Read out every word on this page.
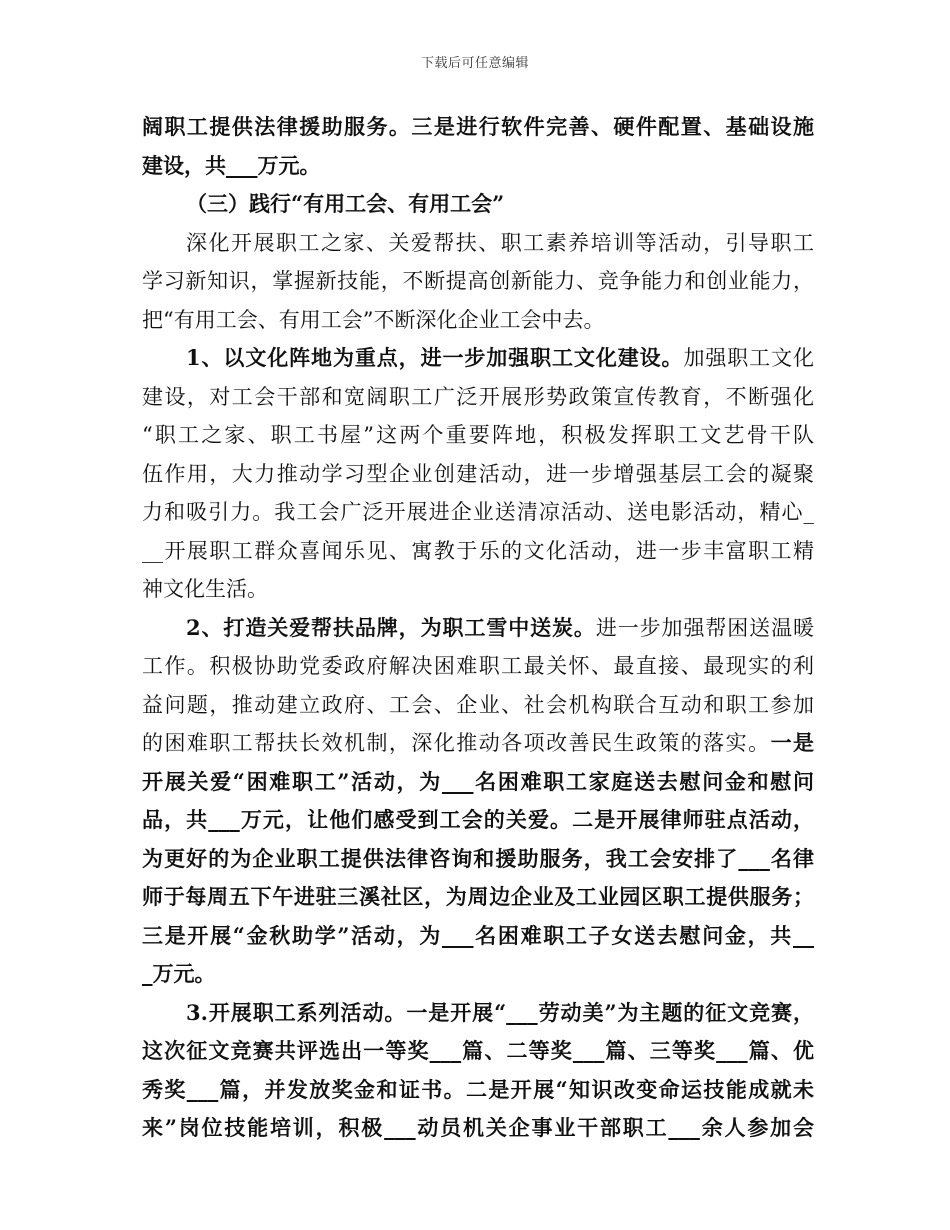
下载后可任意编辑
阔职工提供法律援助服务。三是进行软件完善、硬件配置、基础设施
建设，共___万元。
（三）践行“有用工会、有用工会”
深化开展职工之家、关爱帮扶、职工素养培训等活动，引导职工
学习新知识，掌握新技能，不断提高创新能力、竞争能力和创业能力，
把“有用工会、有用工会”不断深化企业工会中去。
1、以文化阵地为重点，进一步加强职工文化建设。加强职工文化
建设，对工会干部和宽阔职工广泛开展形势政策宣传教育，不断强化
“职工之家、职工书屋”这两个重要阵地，积极发挥职工文艺骨干队
伍作用，大力推动学习型企业创建活动，进一步增强基层工会的凝聚
力和吸引力。我工会广泛开展进企业送清凉活动、送电影活动，精心_
__开展职工群众喜闻乐见、寓教于乐的文化活动，进一步丰富职工精
神文化生活。
2、打造关爱帮扶品牌，为职工雪中送炭。进一步加强帮困送温暖
工作。积极协助党委政府解决困难职工最关怀、最直接、最现实的利
益问题，推动建立政府、工会、企业、社会机构联合互动和职工参加
的困难职工帮扶长效机制，深化推动各项改善民生政策的落实。一是
开展关爱“困难职工”活动，为___名困难职工家庭送去慰问金和慰问
品，共___万元，让他们感受到工会的关爱。二是开展律师驻点活动，
为更好的为企业职工提供法律咨询和援助服务，我工会安排了___名律
师于每周五下午进驻三溪社区，为周边企业及工业园区职工提供服务；
三是开展“金秋助学”活动，为___名困难职工子女送去慰问金，共__
_万元。
3.开展职工系列活动。一是开展“___劳动美”为主题的征文竞赛，
这次征文竞赛共评选出一等奖___篇、二等奖___篇、三等奖___篇、优
秀奖___篇，并发放奖金和证书。二是开展“知识改变命运技能成就未
来”岗位技能培训，积极___动员机关企事业干部职工___余人参加会
